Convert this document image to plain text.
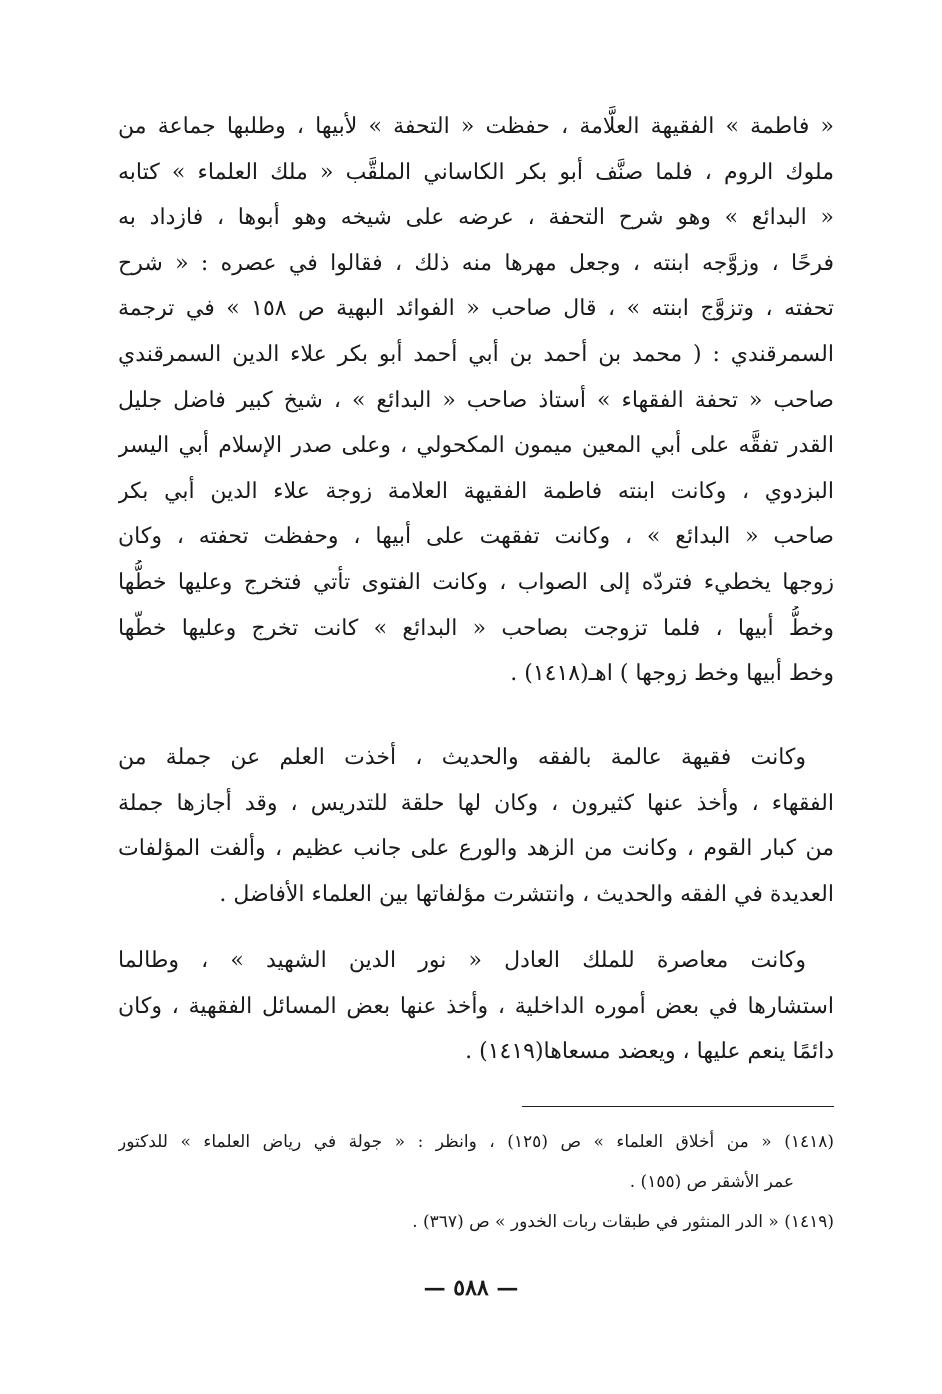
« فاطمة » الفقيهة العلَّامة ، حفظت « التحفة » لأبيها ، وطلبها جماعة من
ملوك الروم ، فلما صنَّف أبو بكر الكاساني الملقَّب « ملك العلماء » كتابه
« البدائع » وهو شرح التحفة ، عرضه على شيخه وهو أبوها ، فازداد به
فرحًا ، وزوَّجه ابنته ، وجعل مهرها منه ذلك ، فقالوا في عصره : « شرح
تحفته ، وتزوَّج ابنته » ، قال صاحب « الفوائد البهية ص ١٥٨ » في ترجمة
السمرقندي : ( محمد بن أحمد بن أبي أحمد أبو بكر علاء الدين السمرقندي
صاحب « تحفة الفقهاء » أستاذ صاحب « البدائع » ، شيخ كبير فاضل جليل
القدر تفقَّه على أبي المعين ميمون المكحولي ، وعلى صدر الإسلام أبي اليسر
البزدوي ، وكانت ابنته فاطمة الفقيهة العلامة زوجة علاء الدين أبي بكر
صاحب « البدائع » ، وكانت تفقهت على أبيها ، وحفظت تحفته ، وكان
زوجها يخطيء فتردّه إلى الصواب ، وكانت الفتوى تأتي فتخرج وعليها خطُّها
وخطُّ أبيها ، فلما تزوجت بصاحب « البدائع » كانت تخرج وعليها خطّها
وخط أبيها وخط زوجها ) اهـ(١٤١٨) .
وكانت فقيهة عالمة بالفقه والحديث ، أخذت العلم عن جملة من
الفقهاء ، وأخذ عنها كثيرون ، وكان لها حلقة للتدريس ، وقد أجازها جملة
من كبار القوم ، وكانت من الزهد والورع على جانب عظيم ، وألفت المؤلفات
العديدة في الفقه والحديث ، وانتشرت مؤلفاتها بين العلماء الأفاضل .
وكانت معاصرة للملك العادل « نور الدين الشهيد » ، وطالما
استشارها في بعض أموره الداخلية ، وأخذ عنها بعض المسائل الفقهية ، وكان
دائمًا ينعم عليها ، ويعضد مسعاها(١٤١٩) .
(١٤١٨) « من أخلاق العلماء » ص (١٢٥) ، وانظر : « جولة في رياض العلماء » للدكتور
عمر الأشقر ص (١٥٥) .
(١٤١٩) « الدر المنثور في طبقات ربات الخدور » ص (٣٦٧) .
— ٥٨٨ —
